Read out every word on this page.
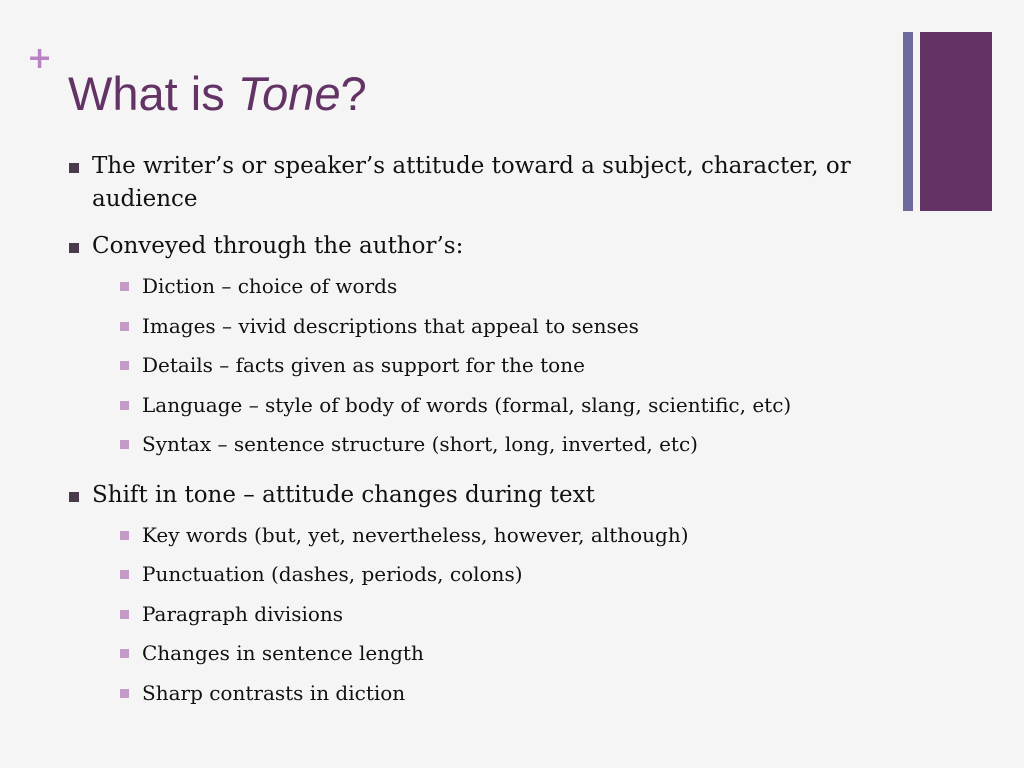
+
What is Tone?
The writer’s or speaker’s attitude toward a subject, character, or audience
Conveyed through the author’s:
Diction – choice of words
Images – vivid descriptions that appeal to senses
Details – facts given as support for the tone
Language – style of body of words (formal, slang, scientific, etc)
Syntax – sentence structure (short, long, inverted, etc)
Shift in tone – attitude changes during text
Key words (but, yet, nevertheless, however, although)
Punctuation (dashes, periods, colons)
Paragraph divisions
Changes in sentence length
Sharp contrasts in diction
